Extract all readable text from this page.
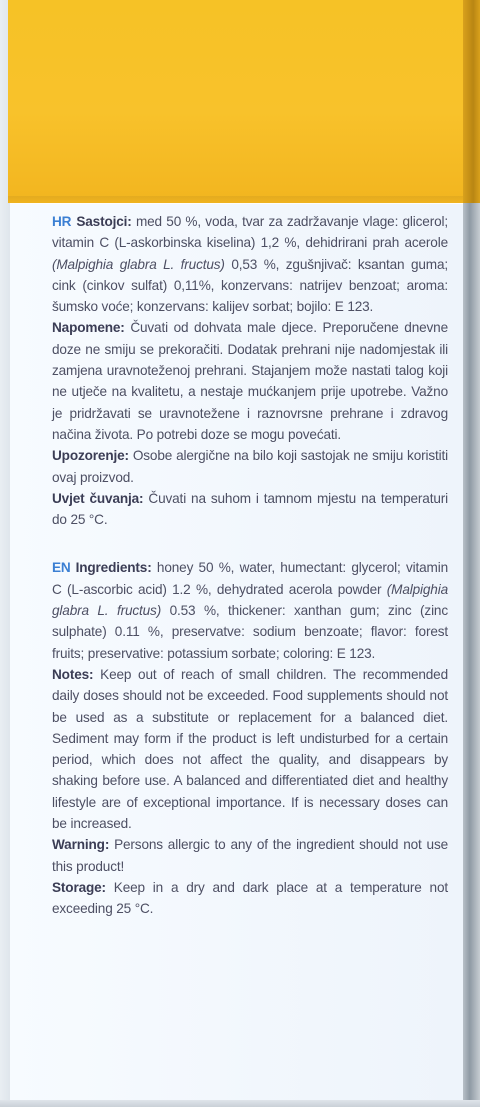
HR Sastojci: med 50 %, voda, tvar za zadržavanje vlage: glicerol; vitamin C (L-askorbinska kiselina) 1,2 %, dehidrirani prah acerole (Malpighia glabra L. fructus) 0,53 %, zgušnjivač: ksantan guma; cink (cinkov sulfat) 0,11%, konzervans: natrijev benzoat; aroma: šumsko voće; konzervans: kalijev sorbat; bojilo: E 123.

Napomene: Čuvati od dohvata male djece. Preporučene dnevne doze ne smiju se prekoračiti. Dodatak prehrani nije nadomjestak ili zamjena uravnoteženoj prehrani. Stajanjem može nastati talog koji ne utječe na kvalitetu, a nestaje mućkanjem prije upotrebe. Važno je pridržavati se uravnotežene i raznovrsne prehrane i zdravog načina života. Po potrebi doze se mogu povećati.

Upozorenje: Osobe alergične na bilo koji sastojak ne smiju koristiti ovaj proizvod.

Uvjet čuvanja: Čuvati na suhom i tamnom mjestu na temperaturi do 25 °C.

EN Ingredients: honey 50 %, water, humectant: glycerol; vitamin C (L-ascorbic acid) 1.2 %, dehydrated acerola powder (Malpighia glabra L. fructus) 0.53 %, thickener: xanthan gum; zinc (zinc sulphate) 0.11 %, preservatve: sodium benzoate; flavor: forest fruits; preservative: potassium sorbate; coloring: E 123.

Notes: Keep out of reach of small children. The recommended daily doses should not be exceeded. Food supplements should not be used as a substitute or replacement for a balanced diet. Sediment may form if the product is left undisturbed for a certain period, which does not affect the quality, and disappears by shaking before use. A balanced and differentiated diet and healthy lifestyle are of exceptional importance. If is necessary doses can be increased.

Warning: Persons allergic to any of the ingredient should not use this product!

Storage: Keep in a dry and dark place at a temperature not exceeding 25 °C.
